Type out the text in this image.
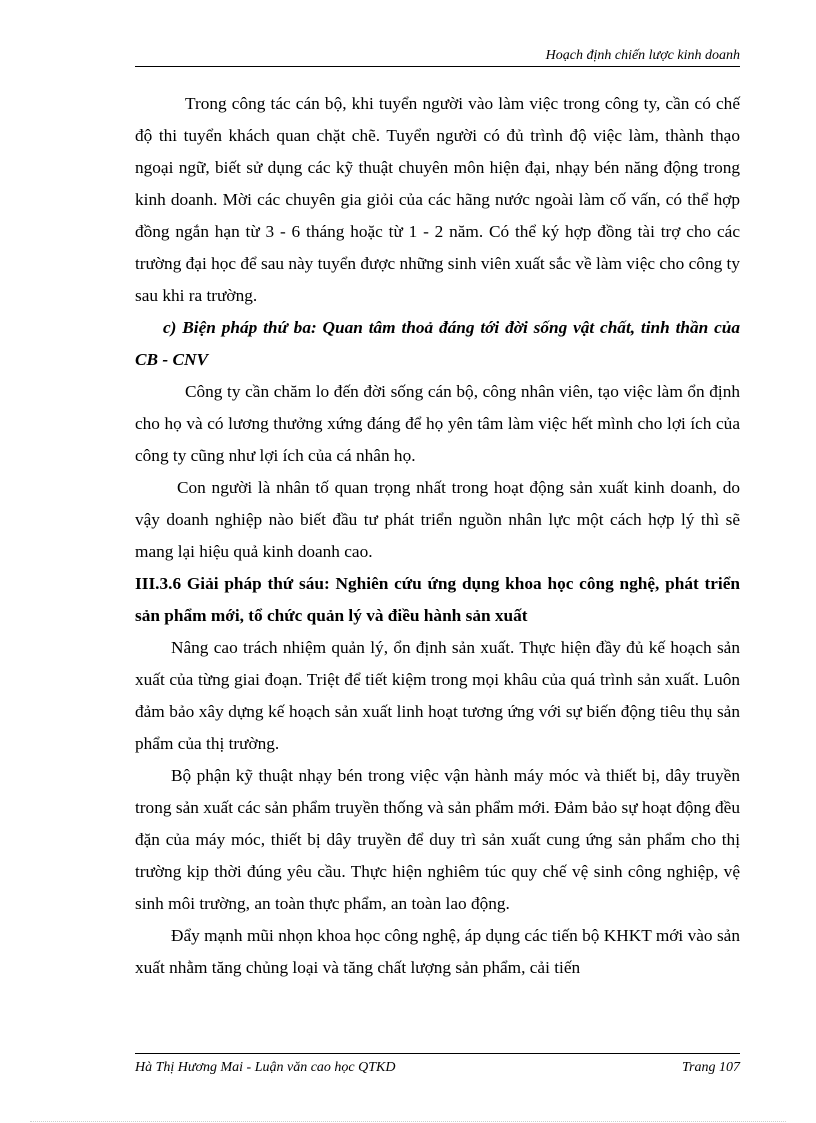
Hoạch định chiến lược kinh doanh

Trong công tác cán bộ, khi tuyển người vào làm việc trong công ty, cần có chế độ thi tuyển khách quan chặt chẽ. Tuyển người có đủ trình độ việc làm, thành thạo ngoại ngữ, biết sử dụng các kỹ thuật chuyên môn hiện đại, nhạy bén năng động trong kinh doanh. Mời các chuyên gia giỏi của các hãng nước ngoài làm cố vấn, có thể hợp đồng ngắn hạn từ 3 - 6 tháng hoặc từ 1 - 2 năm. Có thể ký hợp đồng tài trợ cho các trường đại học để sau này tuyển được những sinh viên xuất sắc về làm việc cho công ty sau khi ra trường.

c) Biện pháp thứ ba: Quan tâm thoả đáng tới đời sống vật chất, tinh thần của CB - CNV

Công ty cần chăm lo đến đời sống cán bộ, công nhân viên, tạo việc làm ổn định cho họ và có lương thưởng xứng đáng để họ yên tâm làm việc hết mình cho lợi ích của công ty cũng như lợi ích của cá nhân họ.

Con người là nhân tố quan trọng nhất trong hoạt động sản xuất kinh doanh, do vậy doanh nghiệp nào biết đầu tư phát triển nguồn nhân lực một cách hợp lý thì sẽ mang lại hiệu quả kinh doanh cao.

III.3.6 Giải pháp thứ sáu: Nghiên cứu ứng dụng khoa học công nghệ, phát triển sản phẩm mới, tổ chức quản lý và điều hành sản xuất

Nâng cao trách nhiệm quản lý, ổn định sản xuất. Thực hiện đầy đủ kế hoạch sản xuất của từng giai đoạn. Triệt để tiết kiệm trong mọi khâu của quá trình sản xuất. Luôn đảm bảo xây dựng kế hoạch sản xuất linh hoạt tương ứng với sự biến động tiêu thụ sản phẩm của thị trường.

Bộ phận kỹ thuật nhạy bén trong việc vận hành máy móc và thiết bị, dây truyền trong sản xuất các sản phẩm truyền thống và sản phẩm mới. Đảm bảo sự hoạt động đều đặn của máy móc, thiết bị dây truyền để duy trì sản xuất cung ứng sản phẩm cho thị trường kịp thời đúng yêu cầu. Thực hiện nghiêm túc quy chế vệ sinh công nghiệp, vệ sinh môi trường, an toàn thực phẩm, an toàn lao động.

Đẩy mạnh mũi nhọn khoa học công nghệ, áp dụng các tiến bộ KHKT mới vào sản xuất nhằm tăng chủng loại và tăng chất lượng sản phẩm, cải tiến

Hà Thị Hương Mai - Luận văn cao học QTKD	Trang 107
